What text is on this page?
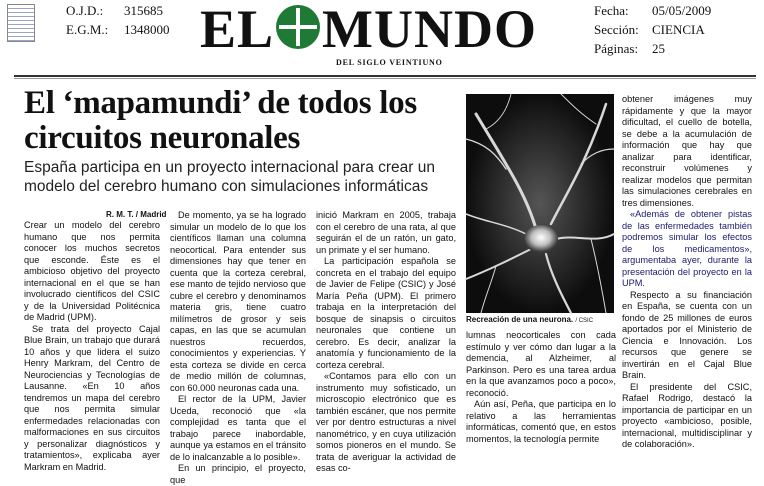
O.J.D.: 315685
E.G.M.: 1348000 EL MUNDO
DEL SIGLO VEINTIUNO
Fecha: 05/05/2009
Sección: CIENCIA
Páginas: 25
El ‘mapamundi’ de todos los circuitos neuronales
España participa en un proyecto internacional para crear un modelo del cerebro humano con simulaciones informáticas
R. M. T. / Madrid

Crear un modelo del cerebro humano que nos permita conocer los muchos secretos que esconde. Éste es el ambicioso objetivo del proyecto internacional en el que se han involucrado científicos del CSIC y de la Universidad Politécnica de Madrid (UPM).

Se trata del proyecto Cajal Blue Brain, un trabajo que durará 10 años y que lidera el suizo Henry Markram, del Centro de Neurociencias y Tecnologías de Lausanne. «En 10 años tendremos un mapa del cerebro que nos permita simular enfermedades relacionadas con malformaciones en sus circuitos y personalizar diagnósticos y tratamientos», explicaba ayer Markram en Madrid.

De momento, ya se ha logrado simular un modelo de lo que los científicos llaman una columna neocortical. Para entender sus dimensiones hay que tener en cuenta que la corteza cerebral, ese manto de tejido nervioso que cubre el cerebro y denominamos materia gris, tiene cuatro milímetros de grosor y seis capas, en las que se acumulan nuestros recuerdos, conocimientos y experiencias. Y esta corteza se divide en cerca de medio millón de columnas, con 60.000 neuronas cada una.

El rector de la UPM, Javier Uceda, reconoció que «la complejidad es tanta que el trabajo parece inabordable, aunque ya estamos en el tránsito de lo inalcanzable a lo posible».

En un principio, el proyecto, que

inició Markram en 2005, trabaja con el cerebro de una rata, al que seguirán el de un ratón, un gato, un primate y el ser humano.

La participación española se concreta en el trabajo del equipo de Javier de Felipe (CSIC) y José María Peña (UPM). El primero trabaja en la interpretación del bosque de sinapsis o circuitos neuronales que contiene un cerebro. Es decir, analizar la anatomía y funcionamiento de la corteza cerebral.

«Contamos para ello con un instrumento muy sofisticado, un microscopio electrónico que es también escáner, que nos permite ver por dentro estructuras a nivel nanométrico, y en cuya utilización somos pioneros en el mundo. Se trata de averiguar la actividad de esas co-

Recreación de una neurona. / CSIC

lumnas neocorticales con cada estímulo y ver cómo dan lugar a la demencia, al Alzheimer, al Parkinson. Pero es una tarea ardua en la que avanzamos poco a poco», reconoció.

Aún así, Peña, que participa en lo relativo a las herramientas informáticas, comentó que, en estos momentos, la tecnología permite

obtener imágenes muy rápidamente y que la mayor dificultad, el cuello de botella, se debe a la acumulación de información que hay que analizar para identificar, reconstruir volúmenes y realizar modelos que permitan las simulaciones cerebrales en tres dimensiones.

«Además de obtener pistas de las enfermedades también podremos simular los efectos de los medicamentos», argumentaba ayer, durante la presentación del proyecto en la UPM.

Respecto a su financiación en España, se cuenta con un fondo de 25 millones de euros aportados por el Ministerio de Ciencia e Innovación. Los recursos que genere se invertirán en el Cajal Blue Brain.

El presidente del CSIC, Rafael Rodrigo, destacó la importancia de participar en un proyecto «ambicioso, posible, internacional, multidisciplinar y de colaboración».
